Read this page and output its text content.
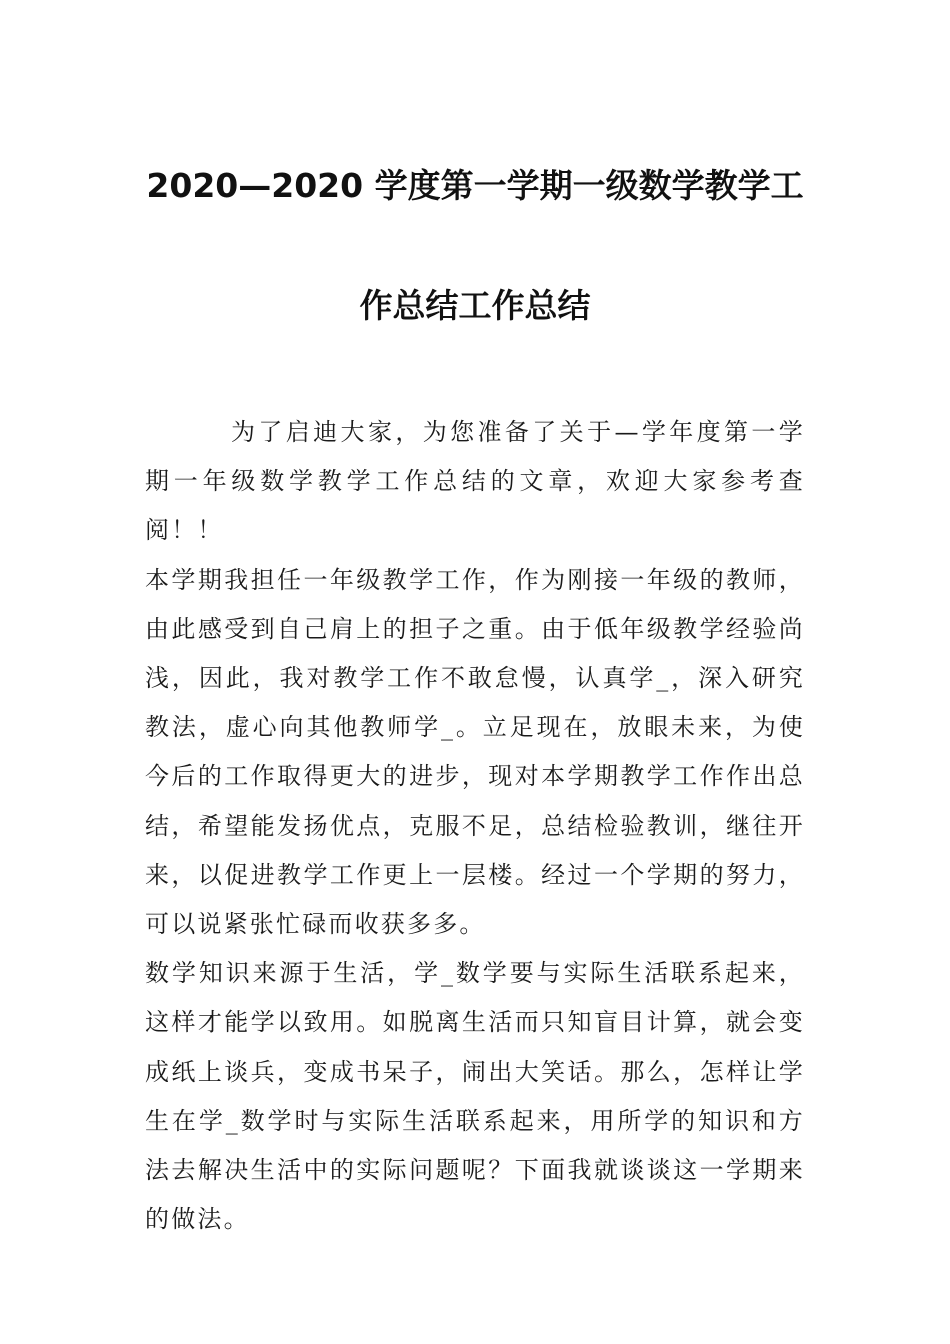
2020—2020 学度第一学期一级数学教学工
作总结工作总结

为了启迪大家，为您准备了关于—学年度第一学期一年级数学教学工作总结的文章，欢迎大家参考查阅！！

本学期我担任一年级教学工作，作为刚接一年级的教师，由此感受到自己肩上的担子之重。由于低年级教学经验尚浅，因此，我对教学工作不敢怠慢，认真学_，深入研究教法，虚心向其他教师学_。立足现在，放眼未来，为使今后的工作取得更大的进步，现对本学期教学工作作出总结，希望能发扬优点，克服不足，总结检验教训，继往开来，以促进教学工作更上一层楼。经过一个学期的努力，可以说紧张忙碌而收获多多。

数学知识来源于生活，学_数学要与实际生活联系起来，这样才能学以致用。如脱离生活而只知盲目计算，就会变成纸上谈兵，变成书呆子，闹出大笑话。那么，怎样让学生在学_数学时与实际生活联系起来，用所学的知识和方法去解决生活中的实际问题呢？下面我就谈谈这一学期来的做法。
